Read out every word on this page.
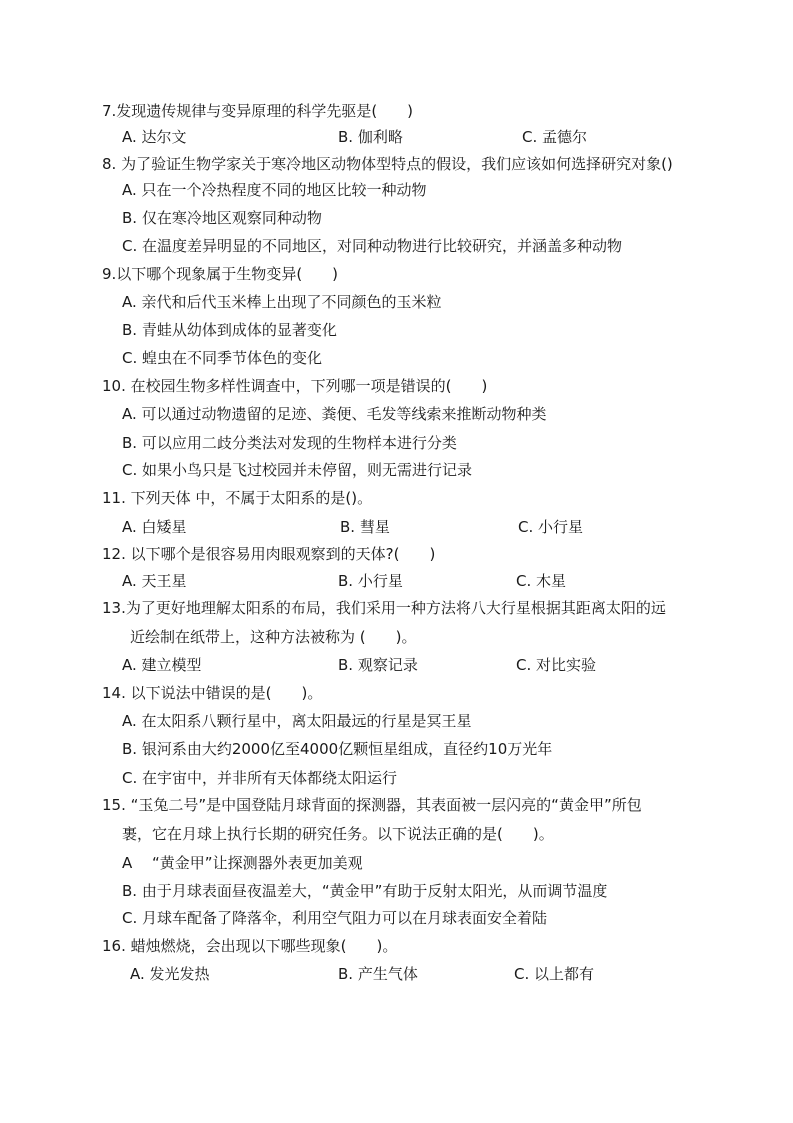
7.发现遗传规律与变异原理的科学先驱是(　　)
A. 达尔文	B. 伽利略	C. 孟德尔
8. 为了验证生物学家关于寒冷地区动物体型特点的假设，我们应该如何选择研究对象()
A. 只在一个冷热程度不同的地区比较一种动物
B. 仅在寒冷地区观察同种动物
C. 在温度差异明显的不同地区，对同种动物进行比较研究，并涵盖多种动物
9.以下哪个现象属于生物变异(　　)
A. 亲代和后代玉米棒上出现了不同颜色的玉米粒
B. 青蛙从幼体到成体的显著变化
C. 蝗虫在不同季节体色的变化
10. 在校园生物多样性调查中，下列哪一项是错误的(　　)
A. 可以通过动物遗留的足迹、粪便、毛发等线索来推断动物种类
B. 可以应用二歧分类法对发现的生物样本进行分类
C. 如果小鸟只是飞过校园并未停留，则无需进行记录
11. 下列天体 中，不属于太阳系的是()。
A. 白矮星	B. 彗星	C. 小行星
12. 以下哪个是很容易用肉眼观察到的天体?(　　)
A. 天王星	B. 小行星	C. 木星
13.为了更好地理解太阳系的布局，我们采用一种方法将八大行星根据其距离太阳的远
近绘制在纸带上，这种方法被称为 (　　)。
A. 建立模型	B. 观察记录	C. 对比实验
14. 以下说法中错误的是(　　)。
A. 在太阳系八颗行星中，离太阳最远的行星是冥王星
B. 银河系由大约2000亿至4000亿颗恒星组成，直径约10万光年
C. 在宇宙中，并非所有天体都绕太阳运行
15. “玉兔二号”是中国登陆月球背面的探测器，其表面被一层闪亮的“黄金甲”所包
裹，它在月球上执行长期的研究任务。以下说法正确的是(　　)。
A　 “黄金甲”让探测器外表更加美观
B. 由于月球表面昼夜温差大，“黄金甲”有助于反射太阳光，从而调节温度
C. 月球车配备了降落伞，利用空气阻力可以在月球表面安全着陆
16. 蜡烛燃烧，会出现以下哪些现象(　　)。
A. 发光发热	B. 产生气体	C. 以上都有
